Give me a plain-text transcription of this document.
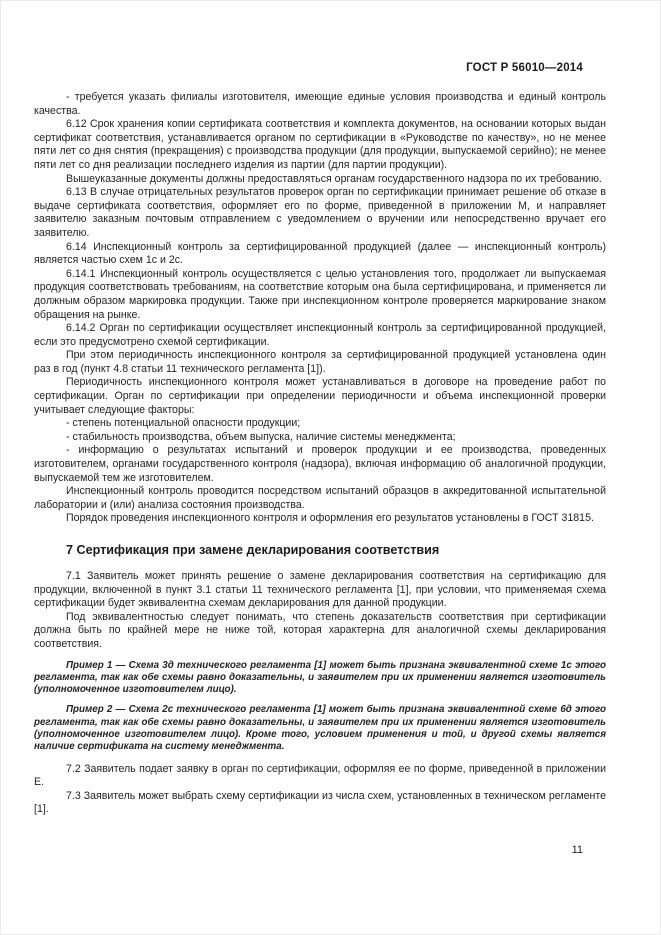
ГОСТ Р 56010—2014

- требуется указать филиалы изготовителя, имеющие единые условия производства и единый контроль качества.

6.12 Срок хранения копии сертификата соответствия и комплекта документов, на основании которых выдан сертификат соответствия, устанавливается органом по сертификации в «Руководстве по качеству», но не менее пяти лет со дня снятия (прекращения) с производства продукции (для продукции, выпускаемой серийно); не менее пяти лет со дня реализации последнего изделия из партии (для партии продукции).

Вышеуказанные документы должны предоставляться органам государственного надзора по их требованию.

6.13 В случае отрицательных результатов проверок орган по сертификации принимает решение об отказе в выдаче сертификата соответствия, оформляет его по форме, приведенной в приложении М, и направляет заявителю заказным почтовым отправлением с уведомлением о вручении или непосредственно вручает его заявителю.

6.14 Инспекционный контроль за сертифицированной продукцией (далее — инспекционный контроль) является частью схем 1с и 2с.

6.14.1 Инспекционный контроль осуществляется с целью установления того, продолжает ли выпускаемая продукция соответствовать требованиям, на соответствие которым она была сертифицирована, и применяется ли должным образом маркировка продукции. Также при инспекционном контроле проверяется маркирование знаком обращения на рынке.

6.14.2 Орган по сертификации осуществляет инспекционный контроль за сертифицированной продукцией, если это предусмотрено схемой сертификации.

При этом периодичность инспекционного контроля за сертифицированной продукцией установлена один раз в год (пункт 4.8 статьи 11 технического регламента [1]).

Периодичность инспекционного контроля может устанавливаться в договоре на проведение работ по сертификации. Орган по сертификации при определении периодичности и объема инспекционной проверки учитывает следующие факторы:

- степень потенциальной опасности продукции;

- стабильность производства, объем выпуска, наличие системы менеджмента;

- информацию о результатах испытаний и проверок продукции и ее производства, проведенных изготовителем, органами государственного контроля (надзора), включая информацию об аналогичной продукции, выпускаемой тем же изготовителем.

Инспекционный контроль проводится посредством испытаний образцов в аккредитованной испытательной лаборатории и (или) анализа состояния производства.

Порядок проведения инспекционного контроля и оформления его результатов установлены в ГОСТ 31815.

7 Сертификация при замене декларирования соответствия

7.1 Заявитель может принять решение о замене декларирования соответствия на сертификацию для продукции, включенной в пункт 3.1 статьи 11 технического регламента [1], при условии, что применяемая схема сертификации будет эквивалентна схемам декларирования для данной продукции.

Под эквивалентностью следует понимать, что степень доказательств соответствия при сертификации должна быть по крайней мере не ниже той, которая характерна для аналогичной схемы декларирования соответствия.

Пример 1 — Схема 3д технического регламента [1] может быть признана эквивалентной схеме 1с этого регламента, так как обе схемы равно доказательны, и заявителем при их применении является изготовитель (уполномоченное изготовителем лицо).

Пример 2 — Схема 2с технического регламента [1] может быть признана эквивалентной схеме 6д этого регламента, так как обе схемы равно доказательны, и заявителем при их применении является изготовитель (уполномоченное изготовителем лицо). Кроме того, условием применения и той, и другой схемы является наличие сертификата на систему менеджмента.

7.2 Заявитель подает заявку в орган по сертификации, оформляя ее по форме, приведенной в приложении Е.

7.3 Заявитель может выбрать схему сертификации из числа схем, установленных в техническом регламенте [1].

11
